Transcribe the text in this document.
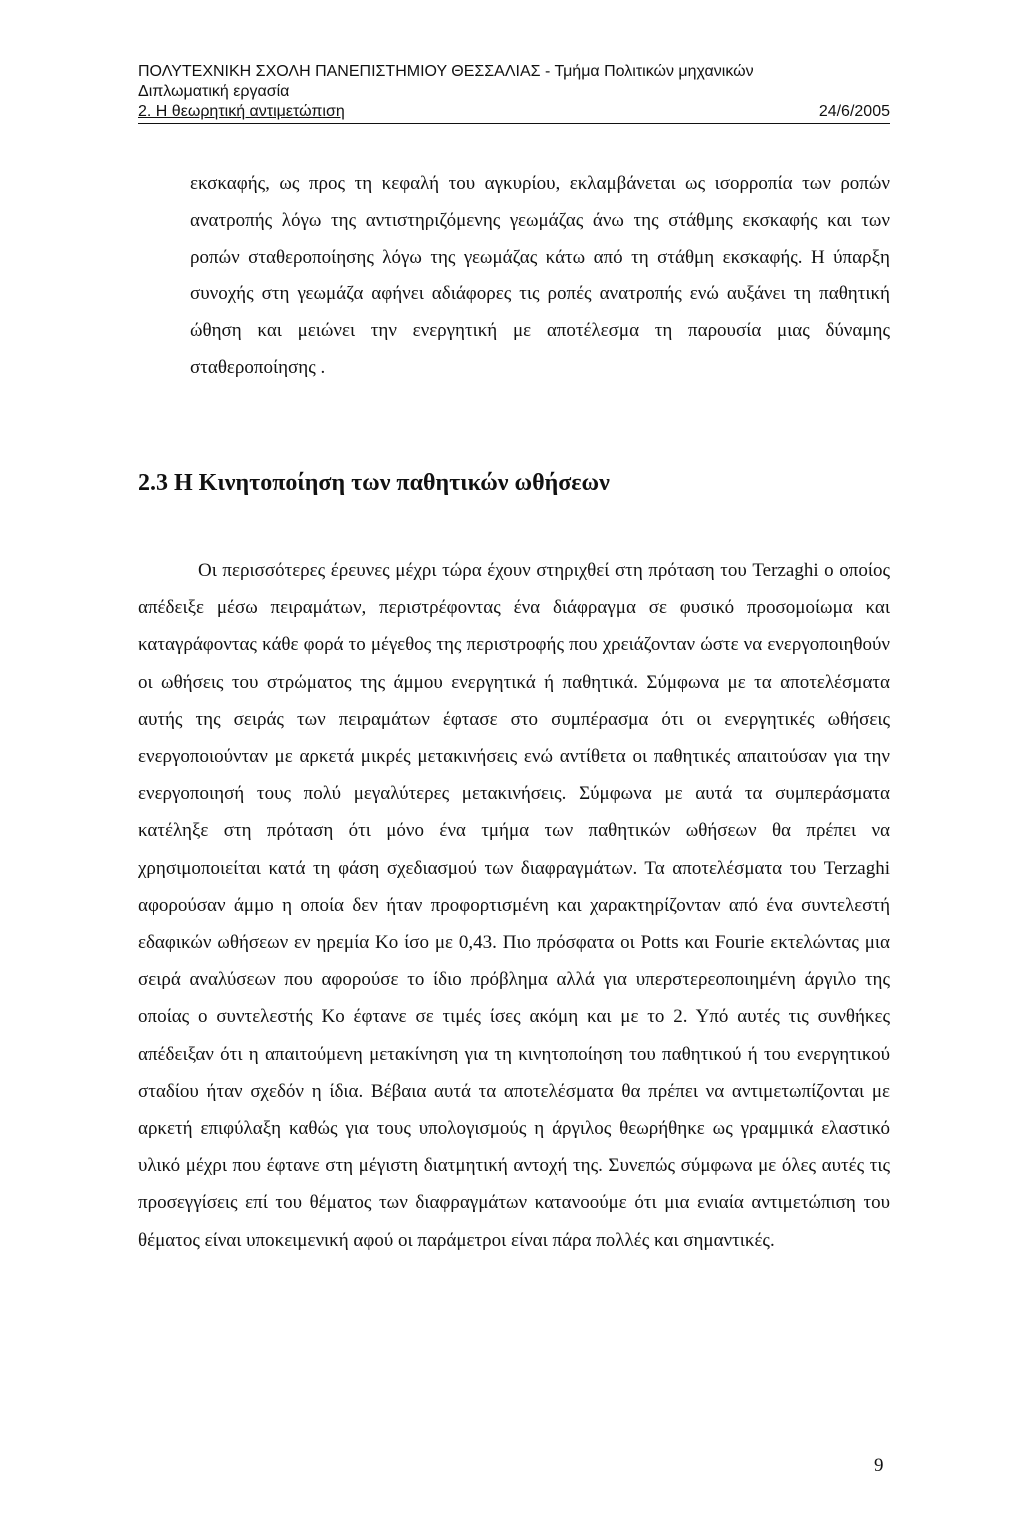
ΠΟΛΥΤΕΧΝΙΚΗ ΣΧΟΛΗ ΠΑΝΕΠΙΣΤΗΜΙΟΥ ΘΕΣΣΑΛΙΑΣ - Τμήμα Πολιτικών μηχανικών
Διπλωματική εργασία
2. Η θεωρητική αντιμετώπιση	24/6/2005

εκσκαφής, ως προς τη κεφαλή του αγκυρίου, εκλαμβάνεται ως ισορροπία των ροπών ανατροπής λόγω της αντιστηριζόμενης γεωμάζας άνω της στάθμης εκσκαφής και των ροπών σταθεροποίησης λόγω της γεωμάζας κάτω από τη στάθμη εκσκαφής. Η ύπαρξη συνοχής στη γεωμάζα αφήνει αδιάφορες τις ροπές ανατροπής ενώ αυξάνει τη παθητική ώθηση και μειώνει την ενεργητική με αποτέλεσμα τη παρουσία μιας δύναμης σταθεροποίησης .

2.3 Η Κινητοποίηση των παθητικών ωθήσεων

Οι περισσότερες έρευνες μέχρι τώρα έχουν στηριχθεί στη πρόταση του Terzaghi ο οποίος απέδειξε μέσω πειραμάτων, περιστρέφοντας ένα διάφραγμα σε φυσικό προσομοίωμα και καταγράφοντας κάθε φορά το μέγεθος της περιστροφής που χρειάζονταν ώστε να ενεργοποιηθούν οι ωθήσεις του στρώματος της άμμου ενεργητικά ή παθητικά. Σύμφωνα με τα αποτελέσματα αυτής της σειράς των πειραμάτων έφτασε στο συμπέρασμα ότι οι ενεργητικές ωθήσεις ενεργοποιούνταν με αρκετά μικρές μετακινήσεις ενώ αντίθετα οι παθητικές απαιτούσαν για την ενεργοποιησή τους πολύ μεγαλύτερες μετακινήσεις. Σύμφωνα με αυτά τα συμπεράσματα κατέληξε στη πρόταση ότι μόνο ένα τμήμα των παθητικών ωθήσεων θα πρέπει να χρησιμοποιείται κατά τη φάση σχεδιασμού των διαφραγμάτων. Τα αποτελέσματα του Terzaghi αφορούσαν άμμο η οποία δεν ήταν προφορτισμένη και χαρακτηρίζονταν από ένα συντελεστή εδαφικών ωθήσεων εν ηρεμία Κο ίσο με 0,43. Πιο πρόσφατα οι Potts και Fourie εκτελώντας μια σειρά αναλύσεων που αφορούσε το ίδιο πρόβλημα αλλά για υπερστερεοποιημένη άργιλο της οποίας ο συντελεστής Κο έφτανε σε τιμές ίσες ακόμη και με το 2. Υπό αυτές τις συνθήκες απέδειξαν ότι η απαιτούμενη μετακίνηση για τη κινητοποίηση του παθητικού ή του ενεργητικού σταδίου ήταν σχεδόν η ίδια. Βέβαια αυτά τα αποτελέσματα θα πρέπει να αντιμετωπίζονται με αρκετή επιφύλαξη καθώς για τους υπολογισμούς η άργιλος θεωρήθηκε ως γραμμικά ελαστικό υλικό μέχρι που έφτανε στη μέγιστη διατμητική αντοχή της. Συνεπώς σύμφωνα με όλες αυτές τις προσεγγίσεις επί του θέματος των διαφραγμάτων κατανοούμε ότι μια ενιαία αντιμετώπιση του θέματος είναι υποκειμενική αφού οι παράμετροι είναι πάρα πολλές και σημαντικές.

9
